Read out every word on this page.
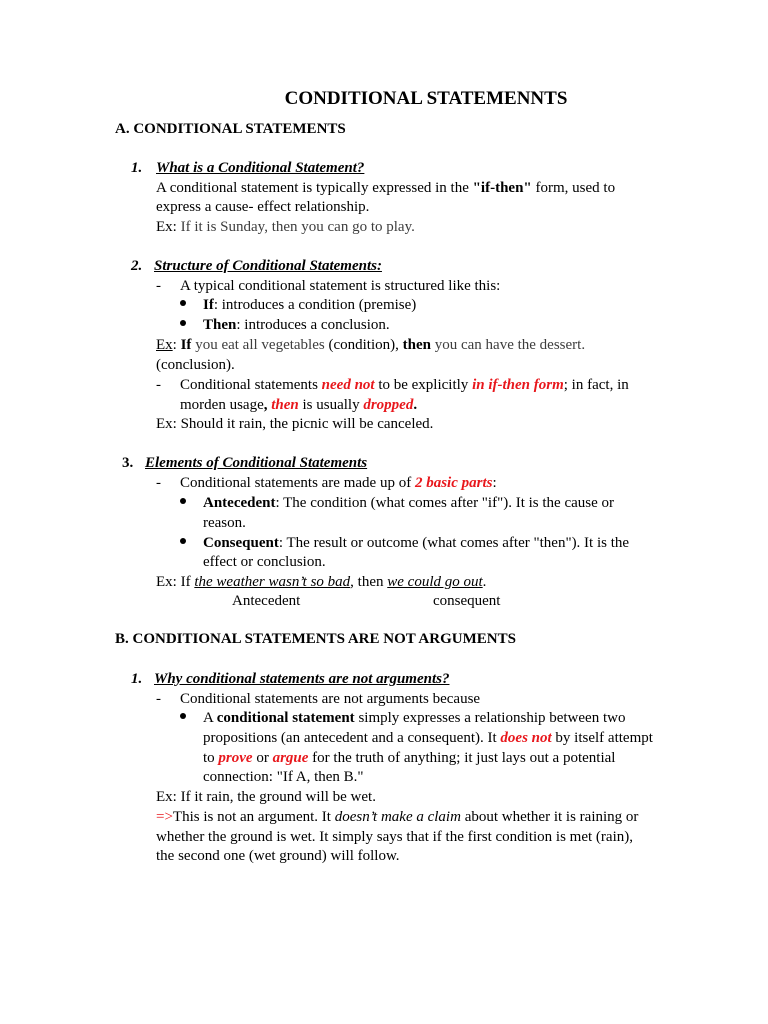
CONDITIONAL STATEMENNTS
A. CONDITIONAL STATEMENTS
1. What is a Conditional Statement?
A conditional statement is typically expressed in the "if-then" form, used to
express a cause- effect relationship.
Ex: If it is Sunday, then you can go to play.
2. Structure of Conditional Statements:
- A typical conditional statement is structured like this:
If: introduces a condition (premise)
Then: introduces a conclusion.
Ex: If you eat all vegetables (condition), then you can have the dessert.
(conclusion).
- Conditional statements need not to be explicitly in if-then form; in fact, in
morden usage, then is usually dropped.
Ex: Should it rain, the picnic will be canceled.
3. Elements of Conditional Statements
- Conditional statements are made up of 2 basic parts:
Antecedent: The condition (what comes after "if"). It is the cause or
reason.
Consequent: The result or outcome (what comes after "then"). It is the
effect or conclusion.
Ex: If the weather wasn’t so bad, then we could go out.
Antecedent	consequent
B. CONDITIONAL STATEMENTS ARE NOT ARGUMENTS
1. Why conditional statements are not arguments?
- Conditional statements are not arguments because
A conditional statement simply expresses a relationship between two
propositions (an antecedent and a consequent). It does not by itself attempt
to prove or argue for the truth of anything; it just lays out a potential
connection: "If A, then B."
Ex: If it rain, the ground will be wet.
=>This is not an argument. It doesn’t make a claim about whether it is raining or
whether the ground is wet. It simply says that if the first condition is met (rain),
the second one (wet ground) will follow.
